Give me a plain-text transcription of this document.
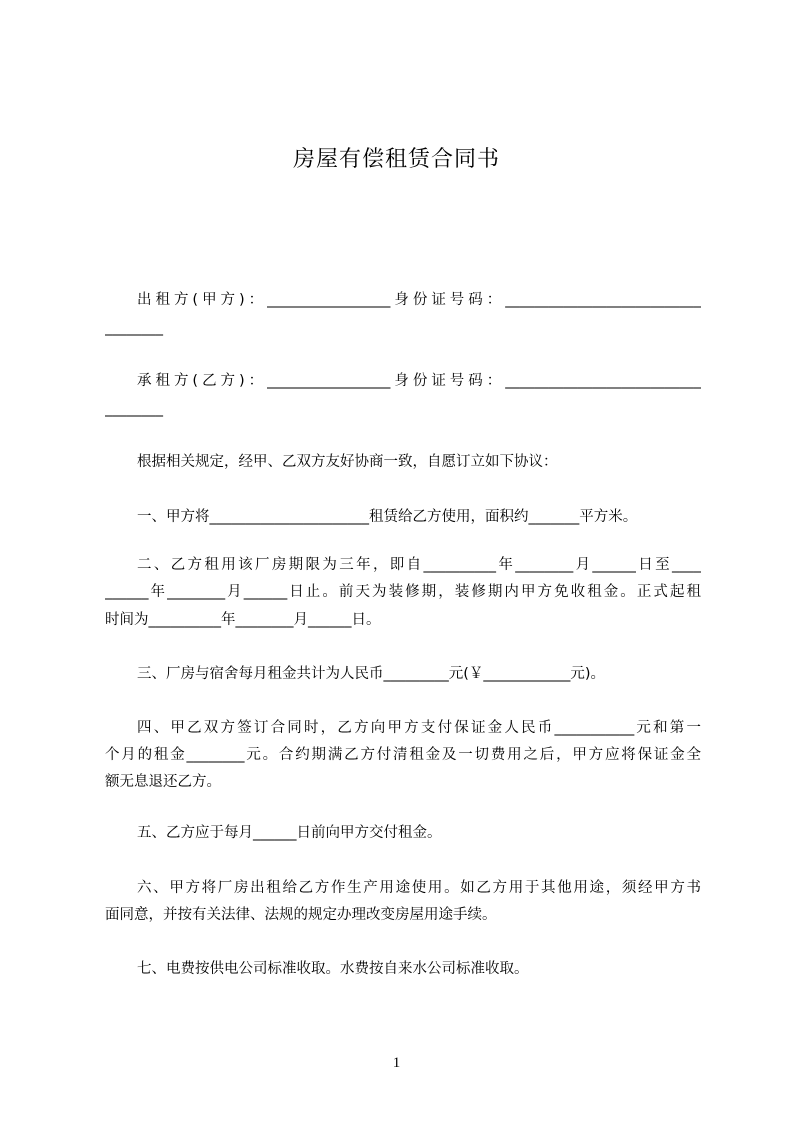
房屋有偿租赁合同书
出租方(甲方)：_________________身份证号码：___________________________
________
承租方(乙方)：_________________身份证号码：___________________________
________
根据相关规定，经甲、乙双方友好协商一致，自愿订立如下协议：
一、甲方将______________________租赁给乙方使用，面积约_______平方米。
二、乙方租用该厂房期限为三年，即自__________年________月______日至____
______年________月______日止。前天为装修期，装修期内甲方免收租金。正式起租
时间为__________年________月______日。
三、厂房与宿舍每月租金共计为人民币_________元(￥____________元)。
四、甲乙双方签订合同时，乙方向甲方支付保证金人民币___________元和第一
个月的租金________元。合约期满乙方付清租金及一切费用之后，甲方应将保证金全
额无息退还乙方。
五、乙方应于每月______日前向甲方交付租金。
六、甲方将厂房出租给乙方作生产用途使用。如乙方用于其他用途，须经甲方书
面同意，并按有关法律、法规的规定办理改变房屋用途手续。
七、电费按供电公司标准收取。水费按自来水公司标准收取。
1
